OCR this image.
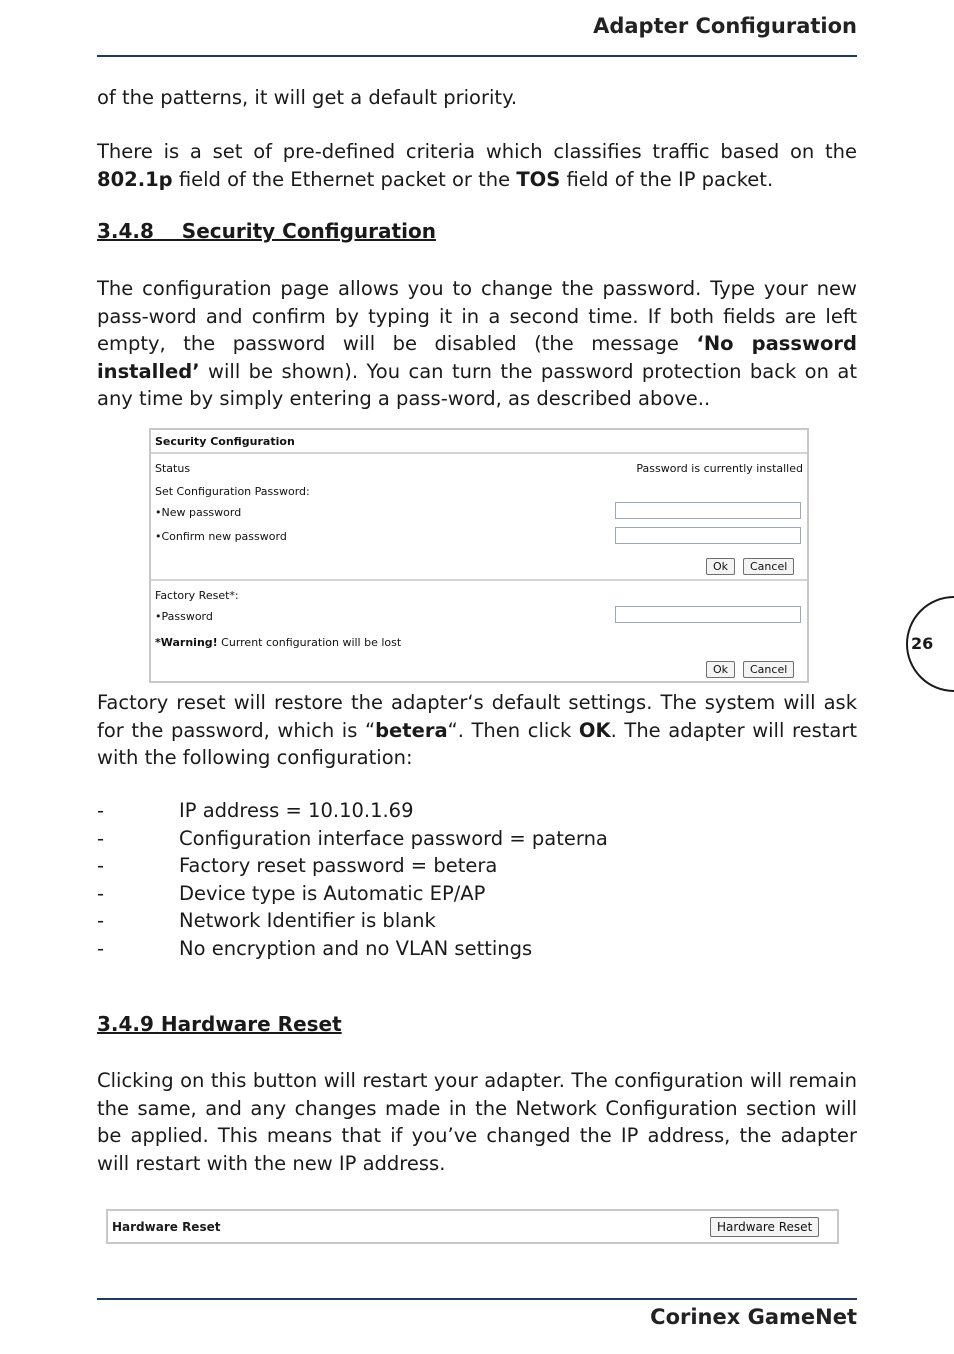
Adapter Configuration
of the patterns, it will get a default priority.
There is a set of pre-defined criteria which classifies traffic based on the 802.1p field of the Ethernet packet or the TOS field of the IP packet.
3.4.8    Security Configuration
The configuration page allows you to change the password. Type your new pass-word and confirm by typing it in a second time. If both fields are left empty, the password will be disabled (the message ‘No password installed’ will be shown). You can turn the password protection back on at any time by simply entering a pass-word, as described above..
Security Configuration
Status	Password is currently installed
Set Configuration Password:
•New password
•Confirm new password
Ok	Cancel
Factory Reset*:
•Password
*Warning! Current configuration will be lost
Ok	Cancel
26
Factory reset will restore the adapter‘s default settings. The system will ask for the password, which is “betera“. Then click OK. The adapter will restart with the following configuration:
-	IP address = 10.10.1.69
-	Configuration interface password = paterna
-	Factory reset password = betera
-	Device type is Automatic EP/AP
-	Network Identifier is blank
-	No encryption and no VLAN settings
3.4.9 Hardware Reset
Clicking on this button will restart your adapter. The configuration will remain the same, and any changes made in the Network Configuration section will be applied. This means that if you’ve changed the IP address, the adapter will restart with the new IP address.
Hardware Reset	Hardware Reset
Corinex GameNet
